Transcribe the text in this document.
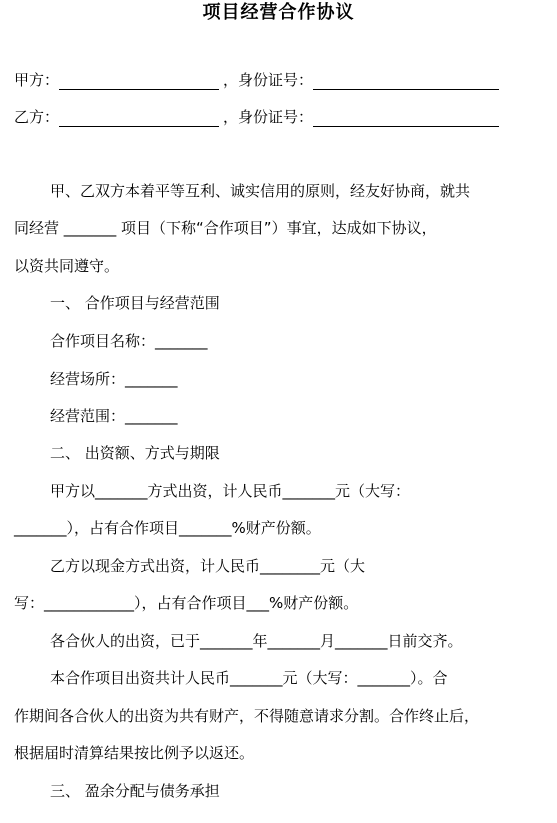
项目经营合作协议
甲方：	，身份证号：
乙方：	，身份证号：
甲、乙双方本着平等互利、诚实信用的原则，经友好协商，就共
同经营 _______ 项目（下称“合作项目”）事宜，达成如下协议，
以资共同遵守。
一、 合作项目与经营范围
合作项目名称：_______
经营场所：_______
经营范围：_______
二、 出资额、方式与期限
甲方以_______方式出资，计人民币_______元（大写：
_______），占有合作项目_______%财产份额。
乙方以现金方式出资，计人民币________元（大
写：____________），占有合作项目___%财产份额。
各合伙人的出资，已于_______年_______月_______日前交齐。
本合作项目出资共计人民币_______元（大写：_______）。合
作期间各合伙人的出资为共有财产，不得随意请求分割。合作终止后，
根据届时清算结果按比例予以返还。
三、 盈余分配与债务承担
